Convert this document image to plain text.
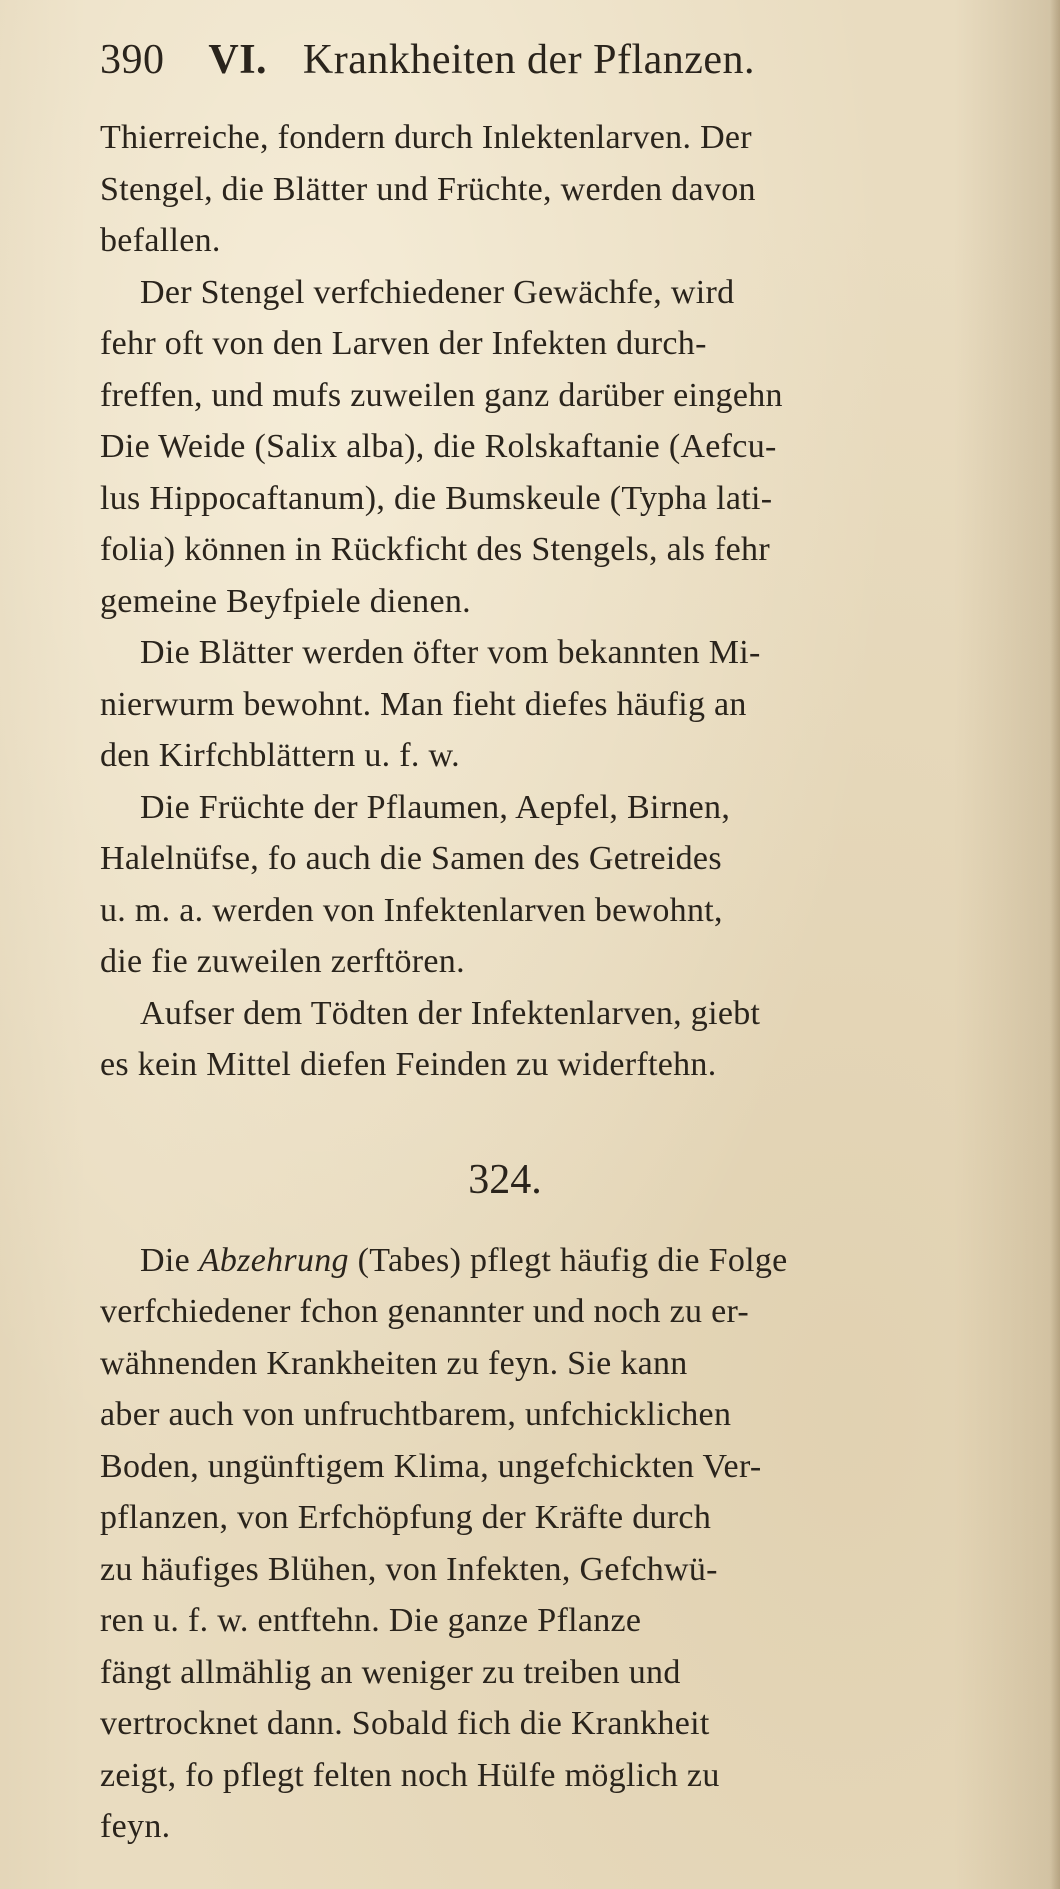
390 VI. Krankheiten der Pflanzen.
Thierreiche, fondern durch Inlektenlarven. Der
Stengel, die Blätter und Früchte, werden davon
befallen.
Der Stengel verfchiedener Gewächfe, wird
fehr oft von den Larven der Infekten durch-
freffen, und mufs zuweilen ganz darüber eingehn
Die Weide (Salix alba), die Rolskaftanie (Aefcu-
lus Hippocaftanum), die Bumskeule (Typha lati-
folia) können in Rückficht des Stengels, als fehr
gemeine Beyfpiele dienen.
Die Blätter werden öfter vom bekannten Mi-
nierwurm bewohnt. Man fieht diefes häufig an
den Kirfchblättern u. f. w.
Die Früchte der Pflaumen, Aepfel, Birnen,
Halelnüfse, fo auch die Samen des Getreides
u. m. a. werden von Infektenlarven bewohnt,
die fie zuweilen zerftören.
Aufser dem Tödten der Infektenlarven, giebt
es kein Mittel diefen Feinden zu widerftehn.
324.
Die Abzehrung (Tabes) pflegt häufig die Folge
verfchiedener fchon genannter und noch zu er-
wähnenden Krankheiten zu feyn. Sie kann
aber auch von unfruchtbarem, unfchicklichen
Boden, ungünftigem Klima, ungefchickten Ver-
pflanzen, von Erfchöpfung der Kräfte durch
zu häufiges Blühen, von Infekten, Gefchwü-
ren u. f. w. entftehn. Die ganze Pflanze
fängt allmählig an weniger zu treiben und
vertrocknet dann. Sobald fich die Krankheit
zeigt, fo pflegt felten noch Hülfe möglich zu
feyn.
